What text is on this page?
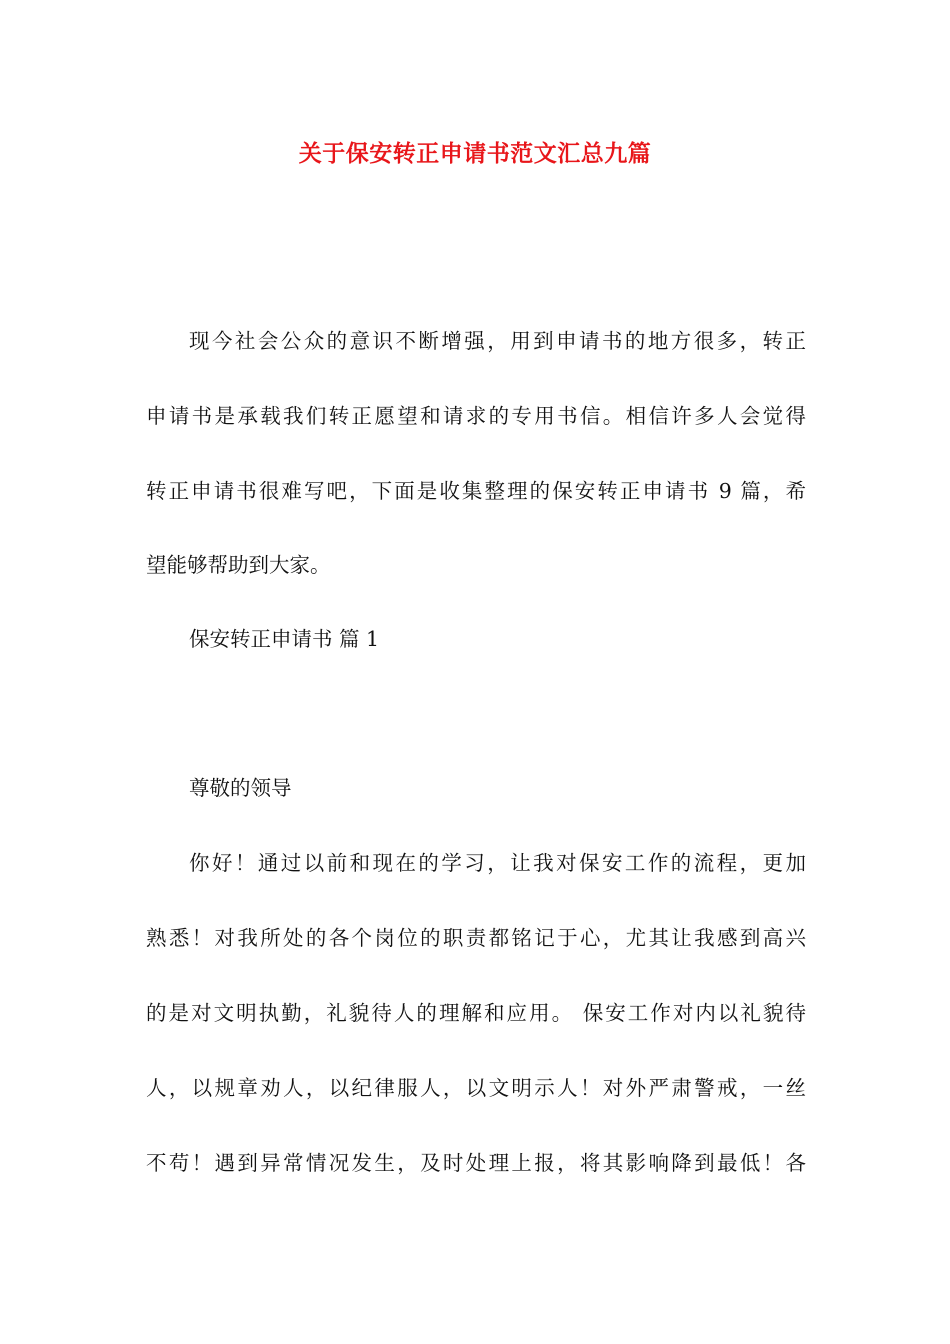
关于保安转正申请书范文汇总九篇
现今社会公众的意识不断增强，用到申请书的地方很多，转正
申请书是承载我们转正愿望和请求的专用书信。相信许多人会觉得
转正申请书很难写吧，下面是收集整理的保安转正申请书 9 篇，希
望能够帮助到大家。
保安转正申请书 篇 1
尊敬的领导
你好！通过以前和现在的学习，让我对保安工作的流程，更加
熟悉！对我所处的各个岗位的职责都铭记于心，尤其让我感到高兴
的是对文明执勤，礼貌待人的理解和应用。 保安工作对内以礼貌待
人，以规章劝人，以纪律服人，以文明示人！对外严肃警戒，一丝
不苟！遇到异常情况发生，及时处理上报，将其影响降到最低！各
